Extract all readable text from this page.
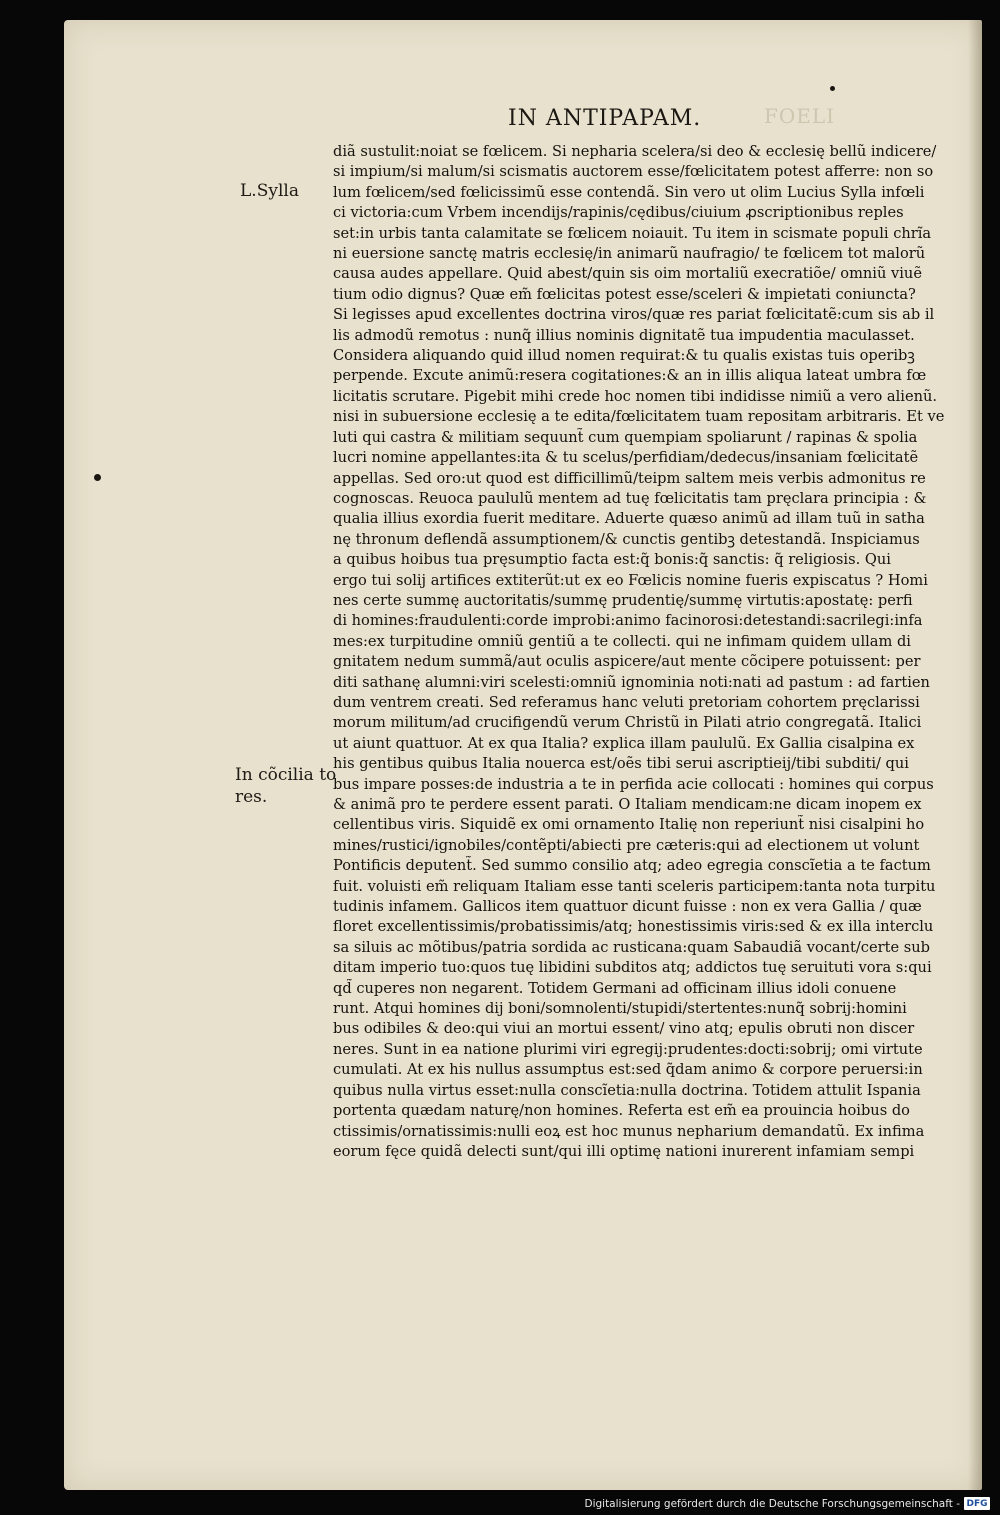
IN ANTIPAPAM.	FOELI
L.Sylla
In cõcilia to
res.
diã sustulit:noiat se fœlicem. Si nepharia scelera/si deo & ecclesię bellũ indicere/
si impium/si malum/si scismatis auctorem esse/fœlicitatem potest afferre: non so
lum fœlicem/sed fœlicissimũ esse contendã. Sin vero ut olim Lucius Sylla infœli
ci victoria:cum Vrbem incendijs/rapinis/cędibus/ciuium ꝓscriptionibus reples
set:in urbis tanta calamitate se fœlicem noiauit. Tu item in scismate populi chrı̃a
ni euersione sanctę matris ecclesię/in animarũ naufragio/ te fœlicem tot malorũ
causa audes appellare. Quid abest/quin sis oim mortaliũ execratiõe/ omniũ viuẽ
tium odio dignus? Quæ em̃ fœlicitas potest esse/sceleri & impietati coniuncta?
Si legisses apud excellentes doctrina viros/quæ res pariat fœlicitatẽ:cum sis ab il
lis admodũ remotus : nunq̃ illius nominis dignitatẽ tua impudentia maculasset.
Considera aliquando quid illud nomen requirat:& tu qualis existas tuis operibꝫ
perpende. Excute animũ:resera cogitationes:& an in illis aliqua lateat umbra fœ
licitatis scrutare. Pigebit mihi crede hoc nomen tibi indidisse nimiũ a vero alienũ.
nisi in subuersione ecclesię a te edita/fœlicitatem tuam repositam arbitraris. Et ve
luti qui castra & militiam sequunt̃ cum quempiam spoliarunt / rapinas & spolia
lucri nomine appellantes:ita & tu scelus/perfidiam/dedecus/insaniam fœlicitatẽ
appellas. Sed oro:ut quod est difficillimũ/teipm saltem meis verbis admonitus re
cognoscas. Reuoca paululũ mentem ad tuę fœlicitatis tam pręclara principia : &
qualia illius exordia fuerit meditare. Aduerte quæso animũ ad illam tuũ in satha
nę thronum deflendã assumptionem/& cunctis gentibꝫ detestandã. Inspiciamus
a quibus hoibus tua pręsumptio facta est:q̃ bonis:q̃ sanctis: q̃ religiosis. Qui
ergo tui solij artifices extiterũt:ut ex eo Fœlicis nomine fueris expiscatus ? Homi
nes certe summę auctoritatis/summę prudentię/summę virtutis:apostatę: perfi
di homines:fraudulenti:corde improbi:animo facinorosi:detestandi:sacrilegi:infa
mes:ex turpitudine omniũ gentiũ a te collecti. qui ne infimam quidem ullam di
gnitatem nedum summã/aut oculis aspicere/aut mente cõcipere potuissent: per
diti sathanę alumni:viri scelesti:omniũ ignominia noti:nati ad pastum : ad fartien
dum ventrem creati. Sed referamus hanc veluti pretoriam cohortem pręclarissi
morum militum/ad crucifigendũ verum Christũ in Pilati atrio congregatã. Italici
ut aiunt quattuor. At ex qua Italia? explica illam paululũ. Ex Gallia cisalpina ex
his gentibus quibus Italia nouerca est/oẽs tibi serui ascriptieij/tibi subditi/ qui
bus impare posses:de industria a te in perfida acie collocati : homines qui corpus
& animã pro te perdere essent parati. O Italiam mendicam:ne dicam inopem ex
cellentibus viris. Siquidẽ ex omi ornamento Italię non reperiunt̃ nisi cisalpini ho
mines/rustici/ignobiles/contẽpti/abiecti pre cæteris:qui ad electionem ut volunt
Pontificis deputent̃. Sed summo consilio atq; adeo egregia conscĩetia a te factum
fuit. voluisti em̃ reliquam Italiam esse tanti sceleris participem:tanta nota turpitu
tudinis infamem. Gallicos item quattuor dicunt fuisse : non ex vera Gallia / quæ
floret excellentissimis/probatissimis/atq; honestissimis viris:sed & ex illa interclu
sa siluis ac mõtibus/patria sordida ac rusticana:quam Sabaudiã vocant/certe sub
ditam imperio tuo:quos tuę libidini subditos atq; addictos tuę seruituti vora s:qui
qd̃ cuperes non negarent. Totidem Germani ad officinam illius idoli conuene
runt. Atqui homines dij boni/somnolenti/stupidi/stertentes:nunq̃ sobrij:homini
bus odibiles & deo:qui viui an mortui essent/ vino atq; epulis obruti non discer
neres. Sunt in ea natione plurimi viri egregij:prudentes:docti:sobrij; omi virtute
cumulati. At ex his nullus assumptus est:sed q̃dam animo & corpore peruersi:in
quibus nulla virtus esset:nulla conscĩetia:nulla doctrina. Totidem attulit Ispania
portenta quædam naturę/non homines. Referta est em̃ ea prouincia hoibus do
ctissimis/ornatissimis:nulli eoꝝ est hoc munus nepharium demandatũ. Ex infima
eorum fęce quidã delecti sunt/qui illi optimę nationi inurerent infamiam sempi
Digitalisierung gefördert durch die Deutsche Forschungsgemeinschaft - DFG
